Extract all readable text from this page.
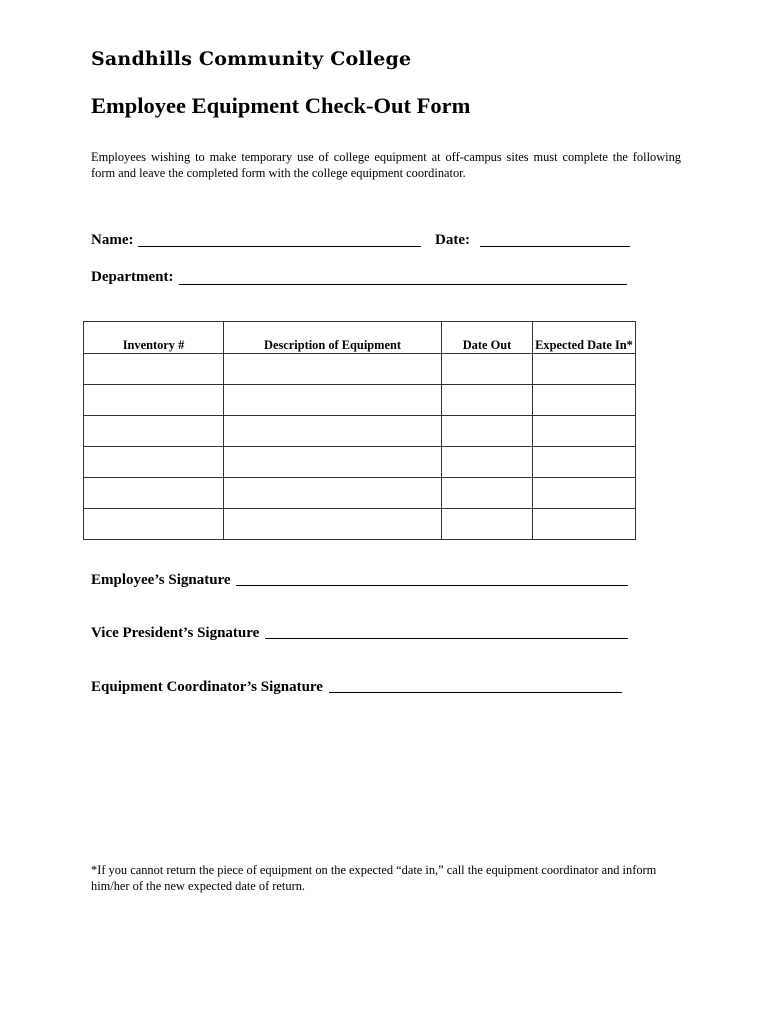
Sandhills Community College
Employee Equipment Check-Out Form
Employees wishing to make temporary use of college equipment at off-campus sites must complete the following form and leave the completed form with the college equipment coordinator.
Name:	Date:
Department:
Inventory #	Description of Equipment	Date Out	Expected Date In*

Employee’s Signature
Vice President’s Signature
Equipment Coordinator’s Signature
*If you cannot return the piece of equipment on the expected “date in,” call the equipment coordinator and inform him/her of the new expected date of return.
